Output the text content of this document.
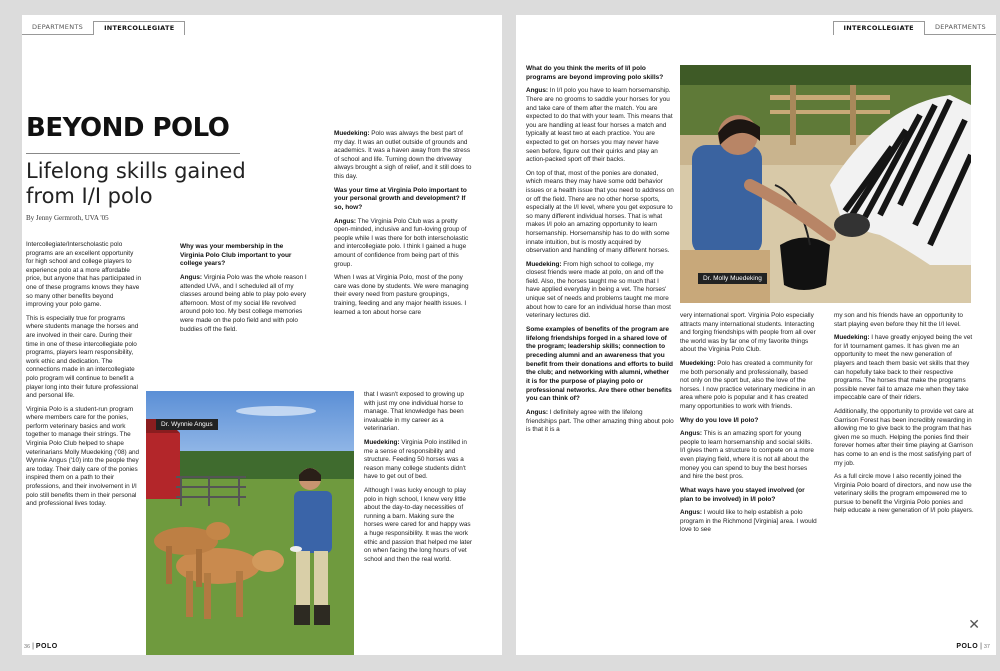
DEPARTMENTS	INTERCOLLEGIATE
BEYOND POLO
Lifelong skills gained from I/I polo
By Jenny Germroth, UVA '05

Intercollegiate/Interscholastic polo programs are an excellent opportunity for high school and college players to experience polo at a more affordable price, but anyone that has participated in one of these programs knows they have so many other benefits beyond improving your polo game.

This is especially true for programs where students manage the horses and are involved in their care. During their time in one of these intercollegiate polo programs, players learn responsibility, work ethic and dedication. The connections made in an intercollegiate polo program will continue to benefit a player long into their future professional and personal life.

Virginia Polo is a student-run program where members care for the ponies, perform veterinary basics and work together to manage their strings. The Virginia Polo Club helped to shape veterinarians Molly Muedeking ('08) and Wynnie Angus ('10) into the people they are today. Their daily care of the ponies inspired them on a path to their professions, and their involvement in I/I polo still benefits them in their personal and professional lives today.

Why was your membership in the Virginia Polo Club important to your college years?

Angus: Virginia Polo was the whole reason I attended UVA, and I scheduled all of my classes around being able to play polo every afternoon. Most of my social life revolved around polo too. My best college memories were made on the polo field and with polo buddies off the field.

Dr. Wynnie Angus

Muedeking: Polo was always the best part of my day. It was an outlet outside of grounds and academics. It was a haven away from the stress of school and life. Turning down the driveway always brought a sigh of relief, and it still does to this day.

Was your time at Virginia Polo important to your personal growth and development? If so, how?

Angus: The Virginia Polo Club was a pretty open-minded, inclusive and fun-loving group of people while I was there for both interscholastic and intercollegiate polo. I think I gained a huge amount of confidence from being part of this group.

When I was at Virginia Polo, most of the pony care was done by students. We were managing their every need from pasture groupings, training, feeding and any major health issues. I learned a ton about horse care

that I wasn't exposed to growing up with just my one individual horse to manage. That knowledge has been invaluable in my career as a veterinarian.

Muedeking: Virginia Polo instilled in me a sense of responsibility and structure. Feeding 50 horses was a reason many college students didn't have to get out of bed.

Although I was lucky enough to play polo in high school, I knew very little about the day-to-day necessities of running a barn. Making sure the horses were cared for and happy was a huge responsibility. It was the work ethic and passion that helped me later on when facing the long hours of vet school and then the real world.

36 | POLO
INTERCOLLEGIATE	DEPARTMENTS
What do you think the merits of I/I polo programs are beyond improving polo skills?

Angus: In I/I polo you have to learn horsemanship. There are no grooms to saddle your horses for you and take care of them after the match. You are expected to do that with your team. This means that you are handling at least four horses a match and typically at least two at each practice. You are expected to get on horses you may never have seen before, figure out their quirks and play an action-packed sport off their backs.

On top of that, most of the ponies are donated, which means they may have some odd behavior issues or a health issue that you need to address on or off the field. There are no other horse sports, especially at the I/I level, where you get exposure to so many different individual horses. That is what makes I/I polo an amazing opportunity to learn horsemanship. Horsemanship has to do with some innate intuition, but is mostly acquired by observation and handling of many different horses.

Muedeking: From high school to college, my closest friends were made at polo, on and off the field. Also, the horses taught me so much that I have applied everyday in being a vet. The horses' unique set of needs and problems taught me more about how to care for an individual horse than most veterinary lectures did.

Some examples of benefits of the program are lifelong friendships forged in a shared love of the program; leadership skills; connection to preceding alumni and an awareness that you benefit from their donations and efforts to build the club; and networking with alumni, whether it is for the purpose of playing polo or professional networks. Are there other benefits you can think of?

Angus: I definitely agree with the lifelong friendships part. The other amazing thing about polo is that it is a

Dr. Molly Muedeking

very international sport. Virginia Polo especially attracts many international students. Interacting and forging friendships with people from all over the world was by far one of my favorite things about the Virginia Polo Club.

Muedeking: Polo has created a community for me both personally and professionally, based not only on the sport but, also the love of the horses. I now practice veterinary medicine in an area where polo is popular and it has created many opportunities to work with friends.

Why do you love I/I polo?

Angus: This is an amazing sport for young people to learn horsemanship and social skills. I/I gives them a structure to compete on a more even playing field, where it is not all about the money you can spend to buy the best horses and hire the best pros.

What ways have you stayed involved (or plan to be involved) in I/I polo?

Angus: I would like to help establish a polo program in the Richmond [Virginia] area. I would love to see

my son and his friends have an opportunity to start playing even before they hit the I/I level.

Muedeking: I have greatly enjoyed being the vet for I/I tournament games. It has given me an opportunity to meet the new generation of players and teach them basic vet skills that they can hopefully take back to their respective programs. The horses that make the programs possible never fail to amaze me when they take impeccable care of their riders.

Additionally, the opportunity to provide vet care at Garrison Forest has been incredibly rewarding in allowing me to give back to the program that has given me so much. Helping the ponies find their forever homes after their time playing at Garrison has come to an end is the most satisfying part of my job.

As a full circle move I also recently joined the Virginia Polo board of directors, and now use the veterinary skills the program empowered me to pursue to benefit the Virginia Polo ponies and help educate a new generation of I/I polo players.

✕
POLO | 37
